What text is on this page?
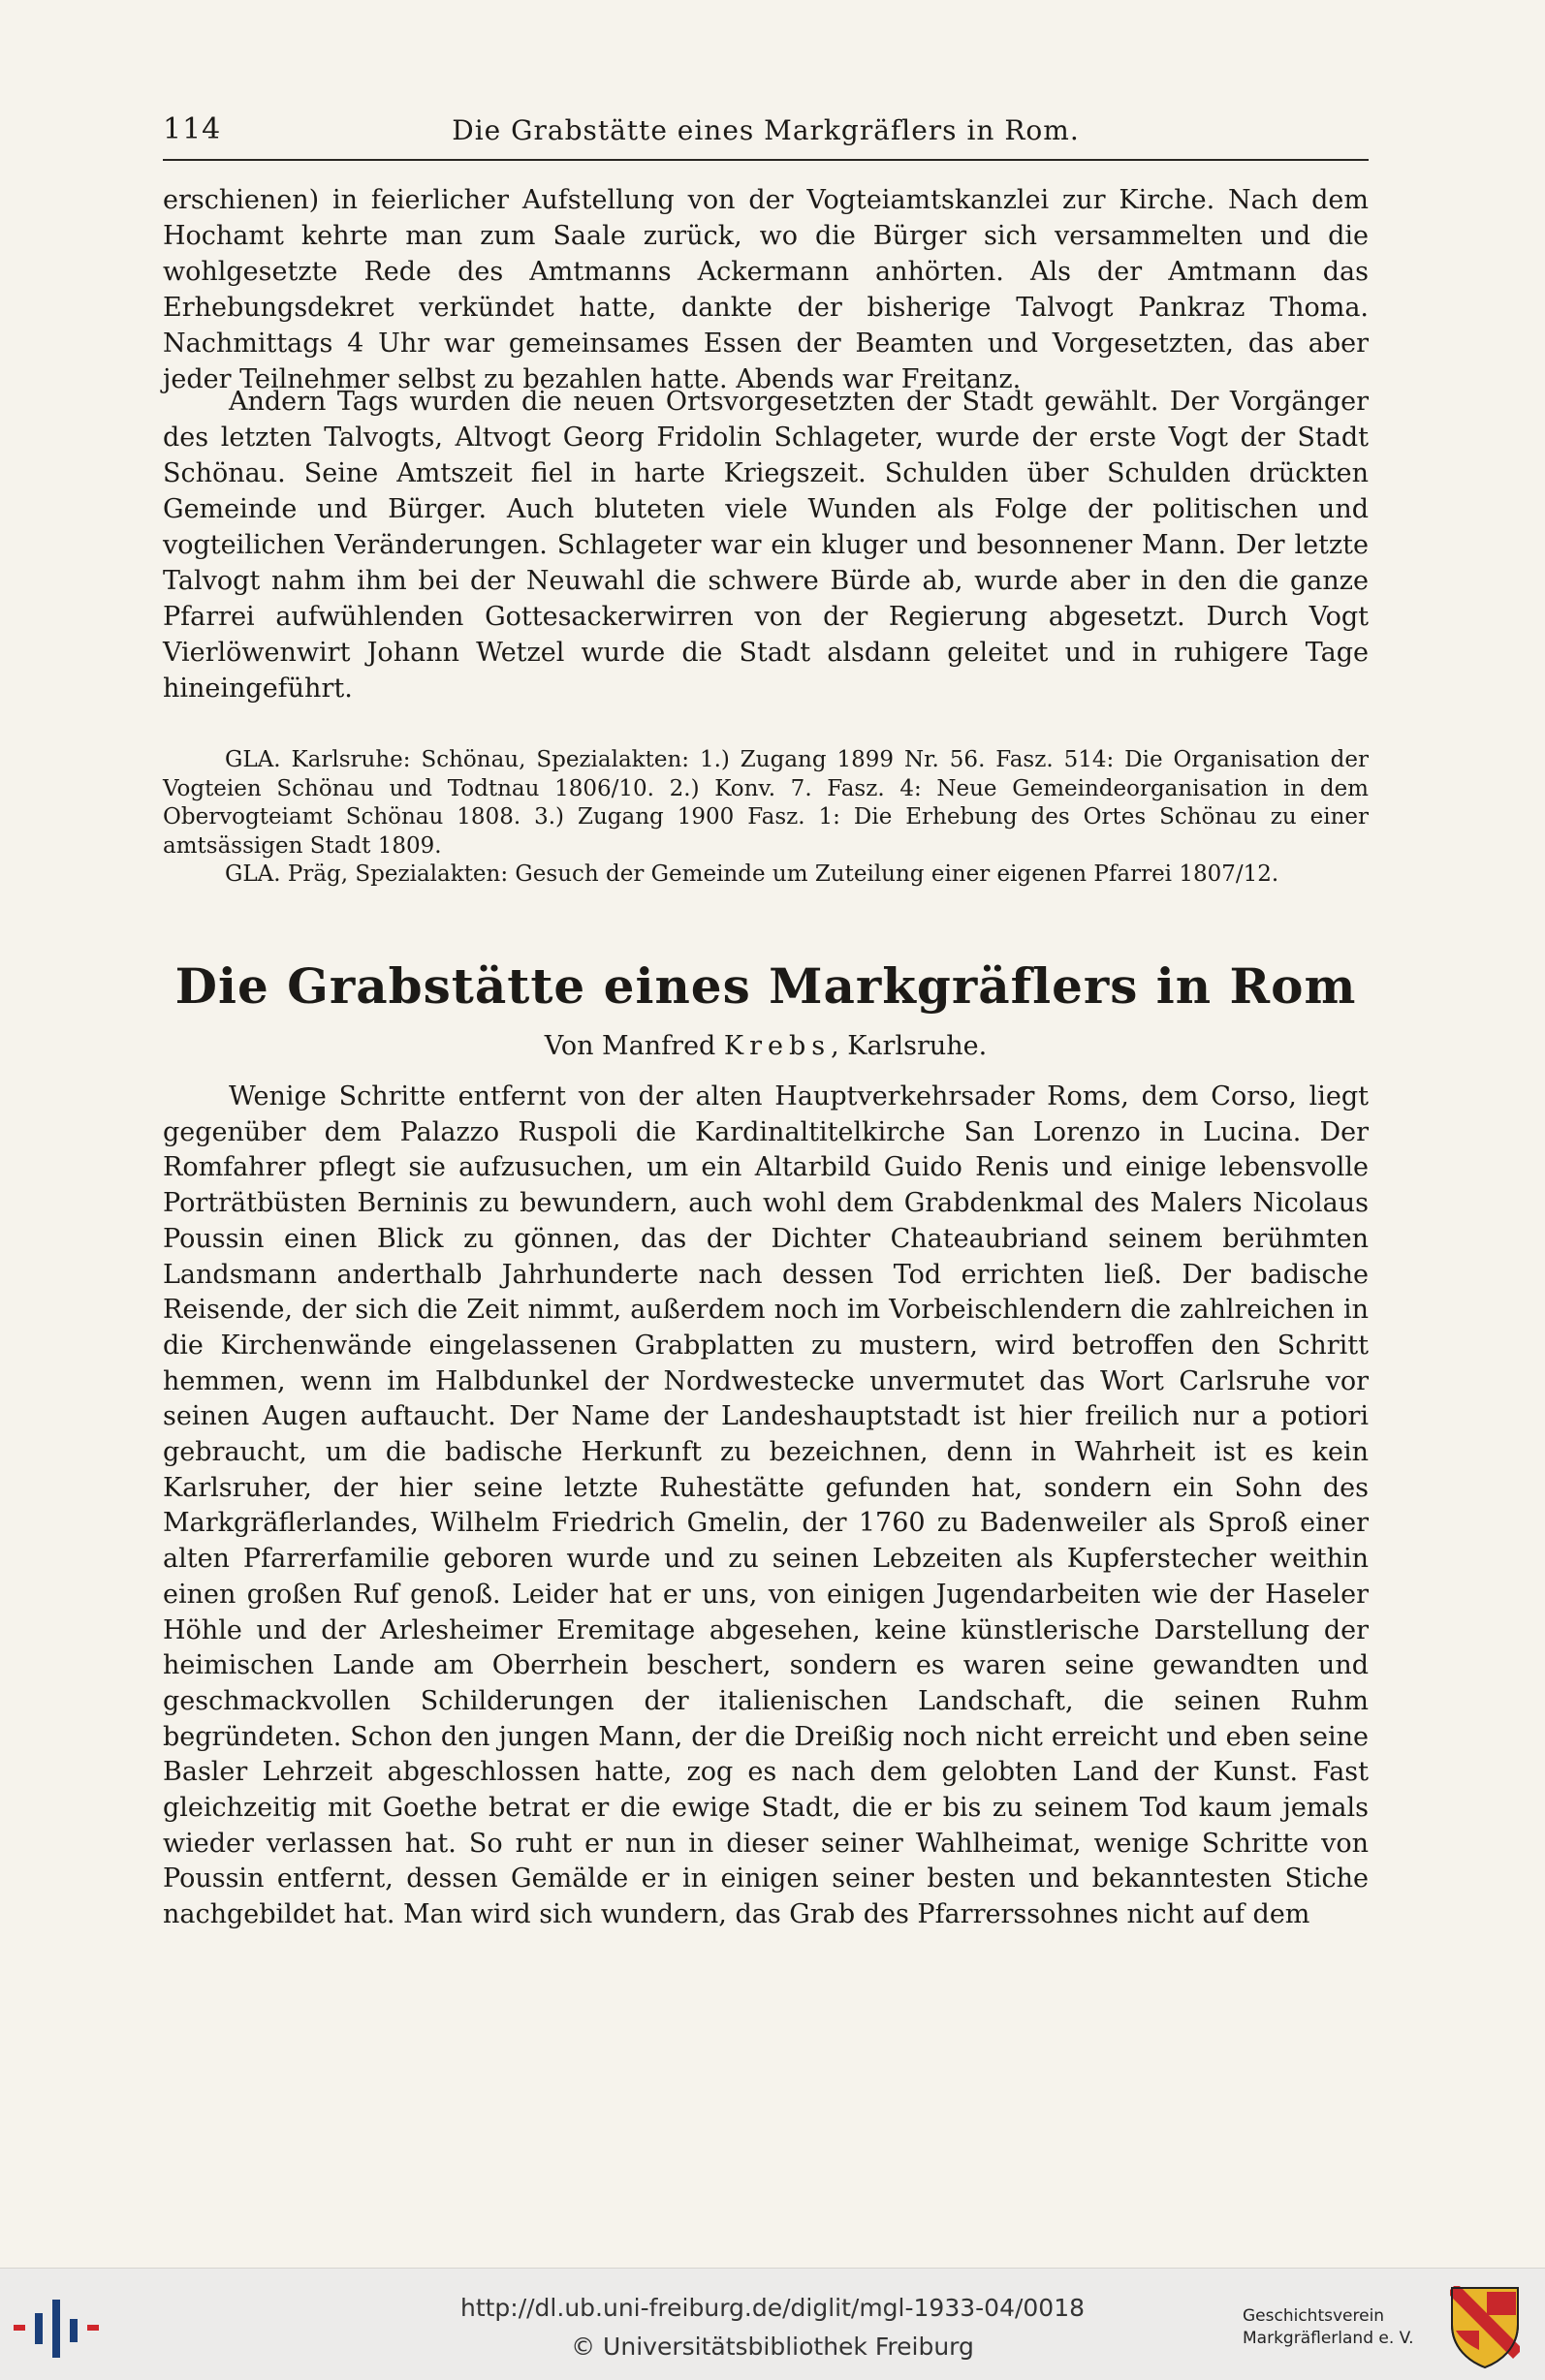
114	Die Grabstätte eines Markgräflers in Rom.

erschienen) in feierlicher Aufstellung von der Vogteiamtskanzlei zur Kirche. Nach dem Hochamt kehrte man zum Saale zurück, wo die Bürger sich versammelten und die wohlgesetzte Rede des Amtmanns Ackermann anhörten. Als der Amtmann das Erhebungsdekret verkündet hatte, dankte der bisherige Talvogt Pankraz Thoma. Nachmittags 4 Uhr war gemeinsames Essen der Beamten und Vorgesetzten, das aber jeder Teilnehmer selbst zu bezahlen hatte. Abends war Freitanz.

Andern Tags wurden die neuen Ortsvorgesetzten der Stadt gewählt. Der Vorgänger des letzten Talvogts, Altvogt Georg Fridolin Schlageter, wurde der erste Vogt der Stadt Schönau. Seine Amtszeit fiel in harte Kriegszeit. Schulden über Schulden drückten Gemeinde und Bürger. Auch bluteten viele Wunden als Folge der politischen und vogteilichen Veränderungen. Schlageter war ein kluger und besonnener Mann. Der letzte Talvogt nahm ihm bei der Neuwahl die schwere Bürde ab, wurde aber in den die ganze Pfarrei aufwühlenden Gottesackerwirren von der Regierung abgesetzt. Durch Vogt Vierlöwenwirt Johann Wetzel wurde die Stadt alsdann geleitet und in ruhigere Tage hineingeführt.

GLA. Karlsruhe: Schönau, Spezialakten: 1.) Zugang 1899 Nr. 56. Fasz. 514: Die Organisation der Vogteien Schönau und Todtnau 1806/10. 2.) Konv. 7. Fasz. 4: Neue Gemeindeorganisation in dem Obervogteiamt Schönau 1808. 3.) Zugang 1900 Fasz. 1: Die Erhebung des Ortes Schönau zu einer amtsässigen Stadt 1809.

GLA. Präg, Spezialakten: Gesuch der Gemeinde um Zuteilung einer eigenen Pfarrei 1807/12.

Die Grabstätte eines Markgräflers in Rom
Von Manfred Krebs, Karlsruhe.

Wenige Schritte entfernt von der alten Hauptverkehrsader Roms, dem Corso, liegt gegenüber dem Palazzo Ruspoli die Kardinaltitelkirche San Lorenzo in Lucina. Der Romfahrer pflegt sie aufzusuchen, um ein Altarbild Guido Renis und einige lebensvolle Porträtbüsten Berninis zu bewundern, auch wohl dem Grabdenkmal des Malers Nicolaus Poussin einen Blick zu gönnen, das der Dichter Chateaubriand seinem berühmten Landsmann anderthalb Jahrhunderte nach dessen Tod errichten ließ. Der badische Reisende, der sich die Zeit nimmt, außerdem noch im Vorbeischlendern die zahlreichen in die Kirchenwände eingelassenen Grabplatten zu mustern, wird betroffen den Schritt hemmen, wenn im Halbdunkel der Nordwestecke unvermutet das Wort Carlsruhe vor seinen Augen auftaucht. Der Name der Landeshauptstadt ist hier freilich nur a potiori gebraucht, um die badische Herkunft zu bezeichnen, denn in Wahrheit ist es kein Karlsruher, der hier seine letzte Ruhestätte gefunden hat, sondern ein Sohn des Markgräflerlandes, Wilhelm Friedrich Gmelin, der 1760 zu Badenweiler als Sproß einer alten Pfarrerfamilie geboren wurde und zu seinen Lebzeiten als Kupferstecher weithin einen großen Ruf genoß. Leider hat er uns, von einigen Jugendarbeiten wie der Haseler Höhle und der Arlesheimer Eremitage abgesehen, keine künstlerische Darstellung der heimischen Lande am Oberrhein beschert, sondern es waren seine gewandten und geschmackvollen Schilderungen der italienischen Landschaft, die seinen Ruhm begründeten. Schon den jungen Mann, der die Dreißig noch nicht erreicht und eben seine Basler Lehrzeit abgeschlossen hatte, zog es nach dem gelobten Land der Kunst. Fast gleichzeitig mit Goethe betrat er die ewige Stadt, die er bis zu seinem Tod kaum jemals wieder verlassen hat. So ruht er nun in dieser seiner Wahlheimat, wenige Schritte von Poussin entfernt, dessen Gemälde er in einigen seiner besten und bekanntesten Stiche nachgebildet hat. Man wird sich wundern, das Grab des Pfarrerssohnes nicht auf dem

http://dl.ub.uni-freiburg.de/diglit/mgl-1933-04/0018
© Universitätsbibliothek Freiburg
Geschichtsverein
Markgräflerland e. V.
